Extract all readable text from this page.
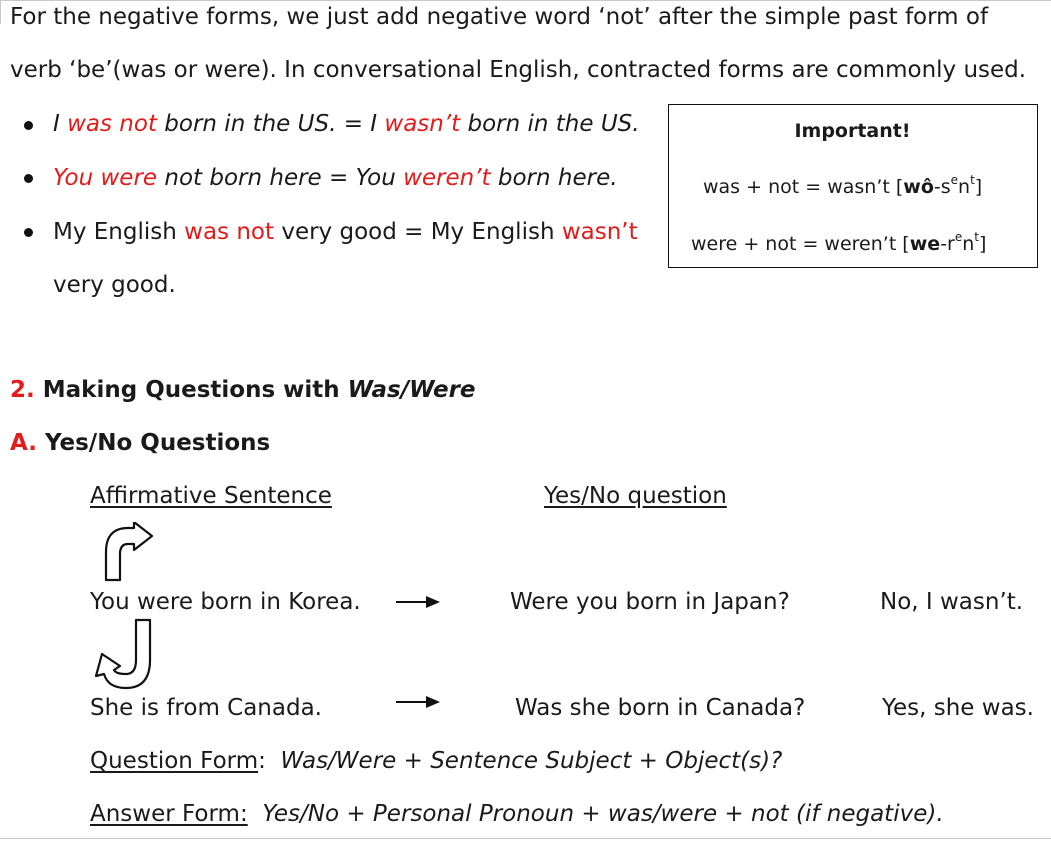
For the negative forms, we just add negative word ‘not’ after the simple past form of
verb ‘be’(was or were). In conversational English, contracted forms are commonly used.
I was not born in the US. = I wasn’t born in the US.
You were not born here = You weren’t born here.
My English was not very good = My English wasn’t
very good.
Important!
was + not = wasn’t $[wô-s^en^t]$
were + not = weren’t $[we-r^en^t]$
2. Making Questions with Was/Were
A. Yes/No Questions
Affirmative Sentence	Yes/No question
You were born in Korea.	Were you born in Japan?	No, I wasn’t.
She is from Canada.	Was she born in Canada?	Yes, she was.
Question Form: Was/Were + Sentence Subject + Object(s)?
Answer Form: Yes/No + Personal Pronoun + was/were + not (if negative).
